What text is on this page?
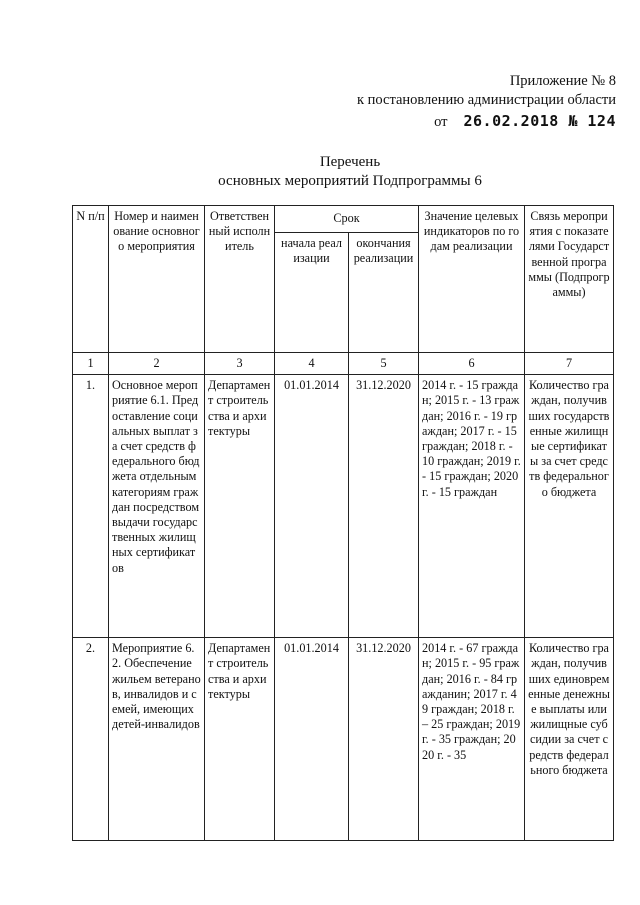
Приложение № 8
к постановлению администрации области
от 26.02.2018 № 124
Перечень
основных мероприятий Подпрограммы 6
N п/п	Номер и наименование основного мероприятия	Ответственный исполнитель	Срок		Значение целевых индикаторов по годам реализации	Связь мероприятия с показателями Государственной программы (Подпрограммы)
			начала реализации	окончания реализации		
1	2	3	4	5	6	7
1.	Основное мероприятие 6.1. Предоставление социальных выплат за счет средств федерального бюджета отдельным категориям граждан посредством выдачи государственных жилищных сертификатов	Департамент строительства и архитектуры	01.01.2014	31.12.2020	2014 г. - 15 граждан; 2015 г. - 13 граждан; 2016 г. - 19 граждан; 2017 г. - 15 граждан; 2018 г. - 10 граждан; 2019 г. - 15 граждан; 2020 г. - 15 граждан	Количество граждан, получивших государственные жилищные сертификаты за счет средств федерального бюджета
2.	Мероприятие 6.2. Обеспечение жильем ветеранов, инвалидов и семей, имеющих детей-инвалидов	Департамент строительства и архитектуры	01.01.2014	31.12.2020	2014 г. - 67 граждан; 2015 г. - 95 граждан; 2016 г. - 84 гражданин; 2017 г. 49 граждан; 2018 г. – 25 граждан; 2019 г. - 35 граждан; 2020 г. - 35	Количество граждан, получивших единовременные денежные выплаты или жилищные субсидии за счет средств федерального бюджета
